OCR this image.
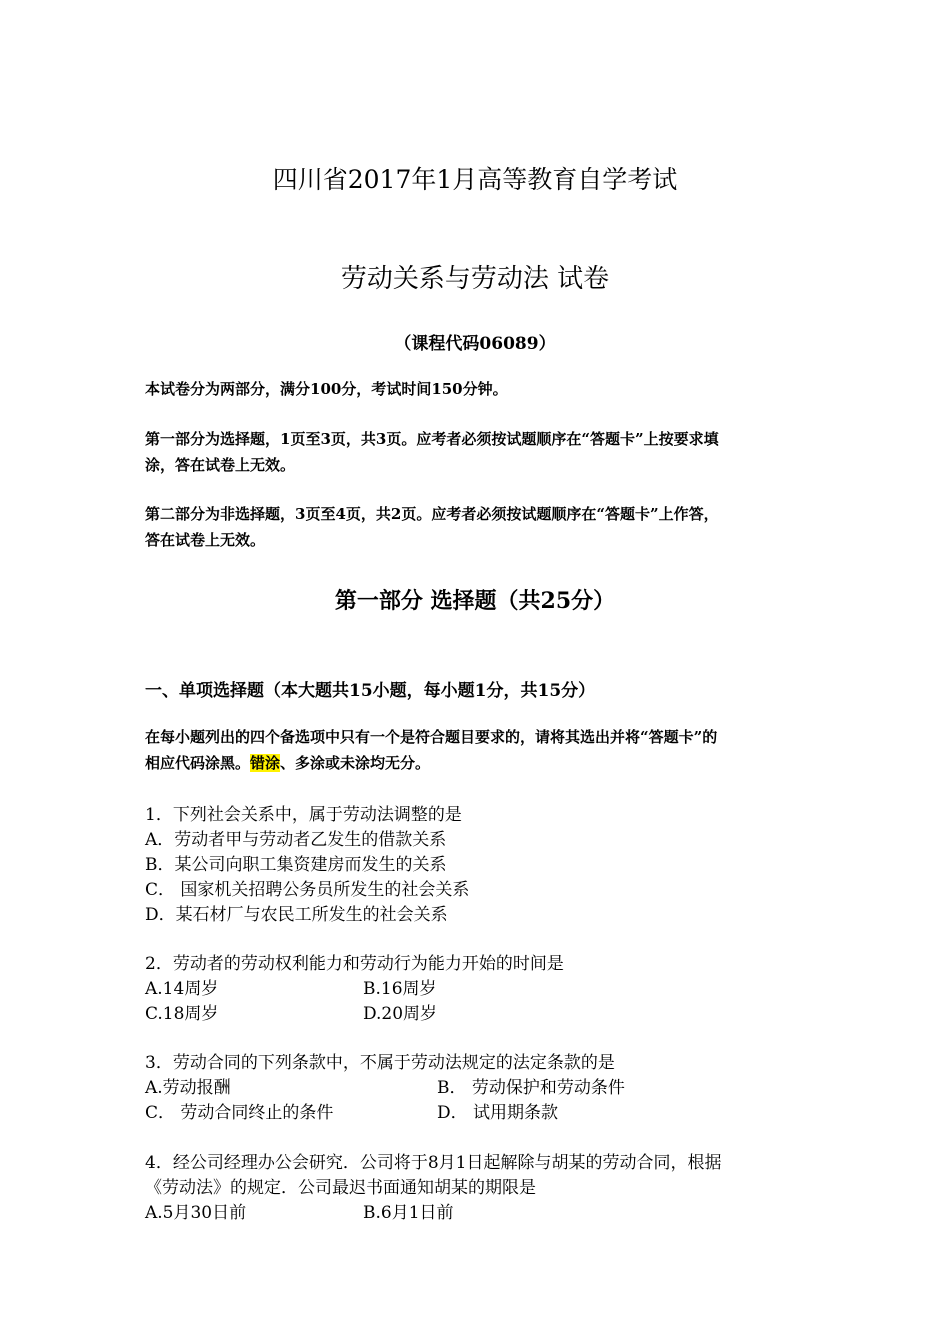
四川省2017年1月高等教育自学考试
劳动关系与劳动法 试卷
（课程代码06089）
本试卷分为两部分，满分100分，考试时间150分钟。
第一部分为选择题，1页至3页，共3页。应考者必须按试题顺序在“答题卡”上按要求填
涂，答在试卷上无效。
第二部分为非选择题，3页至4页，共2页。应考者必须按试题顺序在“答题卡”上作答，
答在试卷上无效。
第一部分 选择题（共25分）
一、单项选择题（本大题共15小题，每小题1分，共15分）
在每小题列出的四个备选项中只有一个是符合题目要求的，请将其选出并将“答题卡”的
相应代码涂黑。错涂、多涂或未涂均无分。
1．下列社会关系中，属于劳动法调整的是
A．劳动者甲与劳动者乙发生的借款关系
B．某公司向职工集资建房而发生的关系
C． 国家机关招聘公务员所发生的社会关系
D．某石材厂与农民工所发生的社会关系
2．劳动者的劳动权利能力和劳动行为能力开始的时间是
A.14周岁	B.16周岁
C.18周岁	D.20周岁
3．劳动合同的下列条款中，不属于劳动法规定的法定条款的是
A.劳动报酬	B． 劳动保护和劳动条件
C． 劳动合同终止的条件	D． 试用期条款
4．经公司经理办公会研究．公司将于8月1日起解除与胡某的劳动合同，根据
《劳动法》的规定．公司最迟书面通知胡某的期限是
A.5月30日前	B.6月1日前
